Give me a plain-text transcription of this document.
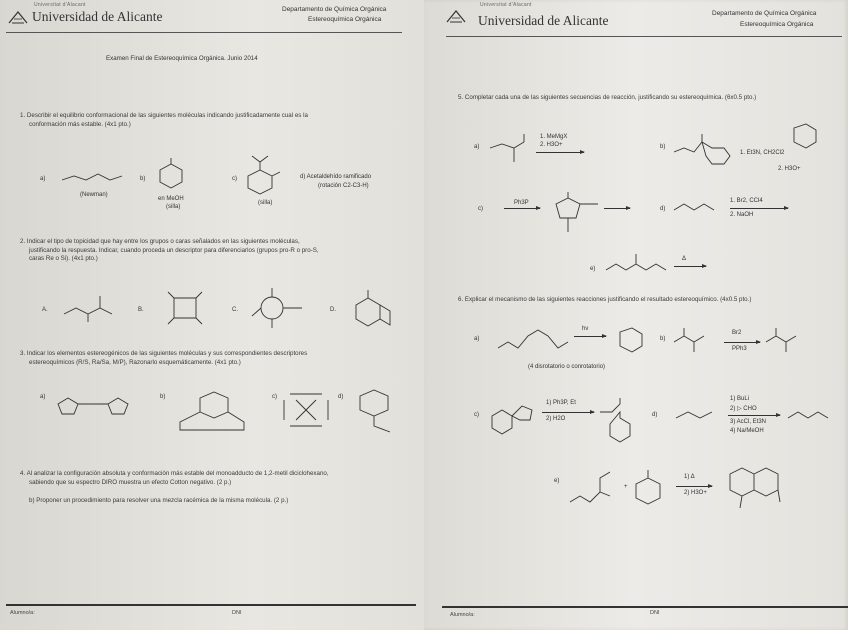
Universitat d'Alacant
Universidad de Alicante	Departamento de Química Orgánica
Estereoquímica Orgánica
Examen Final de Estereoquímica Orgánica. Junio 2014
1. Describir el equilibrio conformacional de las siguientes moléculas indicando justificadamente cual es la
conformación más estable. (4x1 pto.)
a)
(Newman)
b)
en MeOH
(silla)
c)
(silla)
d) Acetaldehído ramificado
(rotación C2-C3-H)
2. Indicar el tipo de topicidad que hay entre los grupos o caras señalados en las siguientes moléculas,
justificando la respuesta. Indicar, cuando proceda un descriptor para diferenciarlos (grupos pro-R o pro-S,
caras Re o Si). (4x1 pto.)
A.	B.	C.	D.
3. Indicar los elementos estereogénicos de las siguientes moléculas y sus correspondientes descriptores
estereoquímicos (R/S, Ra/Sa, M/P), Razonarlo esquemáticamente. (4x1 pto.)
a)	b)	c)	d)
4. Al analizar la configuración absoluta y conformación más estable del monoadducto de 1,2-metil diciclohexano,
sabiendo que su espectro DIRO muestra un efecto Cotton negativo. (2 p.)

b) Proponer un procedimiento para resolver una mezcla racémica de la misma molécula. (2 p.)
Alumno/a:	DNI
Universitat d'Alacant
Universidad de Alicante	Departamento de Química Orgánica
Estereoquímica Orgánica
5. Completar cada una de las siguientes secuencias de reacción, justificando su estereoquímica. (6x0.5 pto.)
a)
1. MeMgX
2. H3O+	b)
1. Et3N, CH2Cl2
2. H3O+
c)
Ph3P
d)
1. Br2, CCl4
2. NaOH
e)
Δ
6. Explicar el mecanismo de las siguientes reacciones justificando el resultado estereoquímico. (4x0.5 pto.)
a)
hν
(4 disrotatorio o conrotatorio)
b)
Br2
PPh3
c)
1) Ph3P, Et
2) H2O
d)
1) BuLi
2) ▷ CHO
3) AcCl, Et3N
4) Na/MeOH
e)
+
1) Δ
2) H3O+
Alumno/a:	DNI
